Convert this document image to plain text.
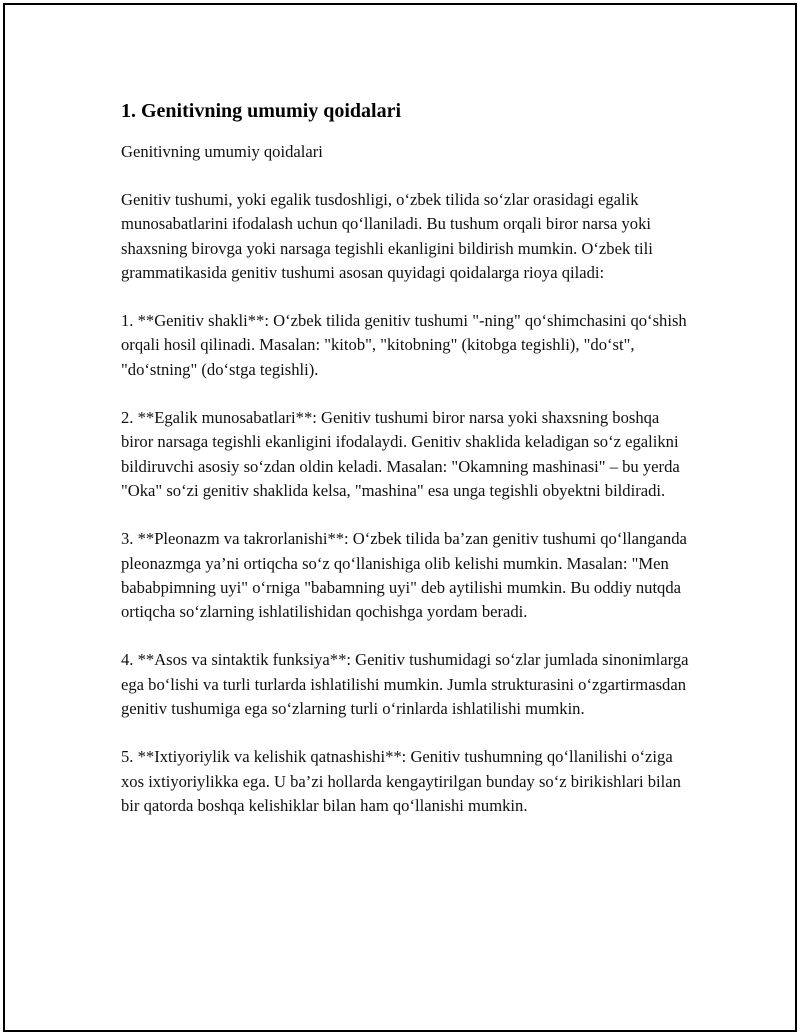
1. Genitivning umumiy qoidalari

Genitivning umumiy qoidalari

Genitiv tushumi, yoki egalik tusdoshligi, o‘zbek tilida so‘zlar orasidagi egalik munosabatlarini ifodalash uchun qo‘llaniladi. Bu tushum orqali biror narsa yoki shaxsning birovga yoki narsaga tegishli ekanligini bildirish mumkin. O‘zbek tili grammatikasida genitiv tushumi asosan quyidagi qoidalarga rioya qiladi:

1. **Genitiv shakli**: O‘zbek tilida genitiv tushumi "-ning" qo‘shimchasini qo‘shish orqali hosil qilinadi. Masalan: "kitob", "kitobning" (kitobga tegishli), "do‘st", "do‘stning" (do‘stga tegishli).

2. **Egalik munosabatlari**: Genitiv tushumi biror narsa yoki shaxsning boshqa biror narsaga tegishli ekanligini ifodalaydi. Genitiv shaklida keladigan so‘z egalikni bildiruvchi asosiy so‘zdan oldin keladi. Masalan: "Okamning mashinasi" – bu yerda "Oka" so‘zi genitiv shaklida kelsa, "mashina" esa unga tegishli obyektni bildiradi.

3. **Pleonazm va takrorlanishi**: O‘zbek tilida ba’zan genitiv tushumi qo‘llanganda pleonazmga ya’ni ortiqcha so‘z qo‘llanishiga olib kelishi mumkin. Masalan: "Men bababpimning uyi" o‘rniga "babamning uyi" deb aytilishi mumkin. Bu oddiy nutqda ortiqcha so‘zlarning ishlatilishidan qochishga yordam beradi.

4. **Asos va sintaktik funksiya**: Genitiv tushumidagi so‘zlar jumlada sinonimlarga ega bo‘lishi va turli turlarda ishlatilishi mumkin. Jumla strukturasini o‘zgartirmasdan genitiv tushumiga ega so‘zlarning turli o‘rinlarda ishlatilishi mumkin.

5. **Ixtiyoriylik va kelishik qatnashishi**: Genitiv tushumning qo‘llanilishi o‘ziga xos ixtiyoriylikka ega. U ba’zi hollarda kengaytirilgan bunday so‘z birikishlari bilan bir qatorda boshqa kelishiklar bilan ham qo‘llanishi mumkin.
